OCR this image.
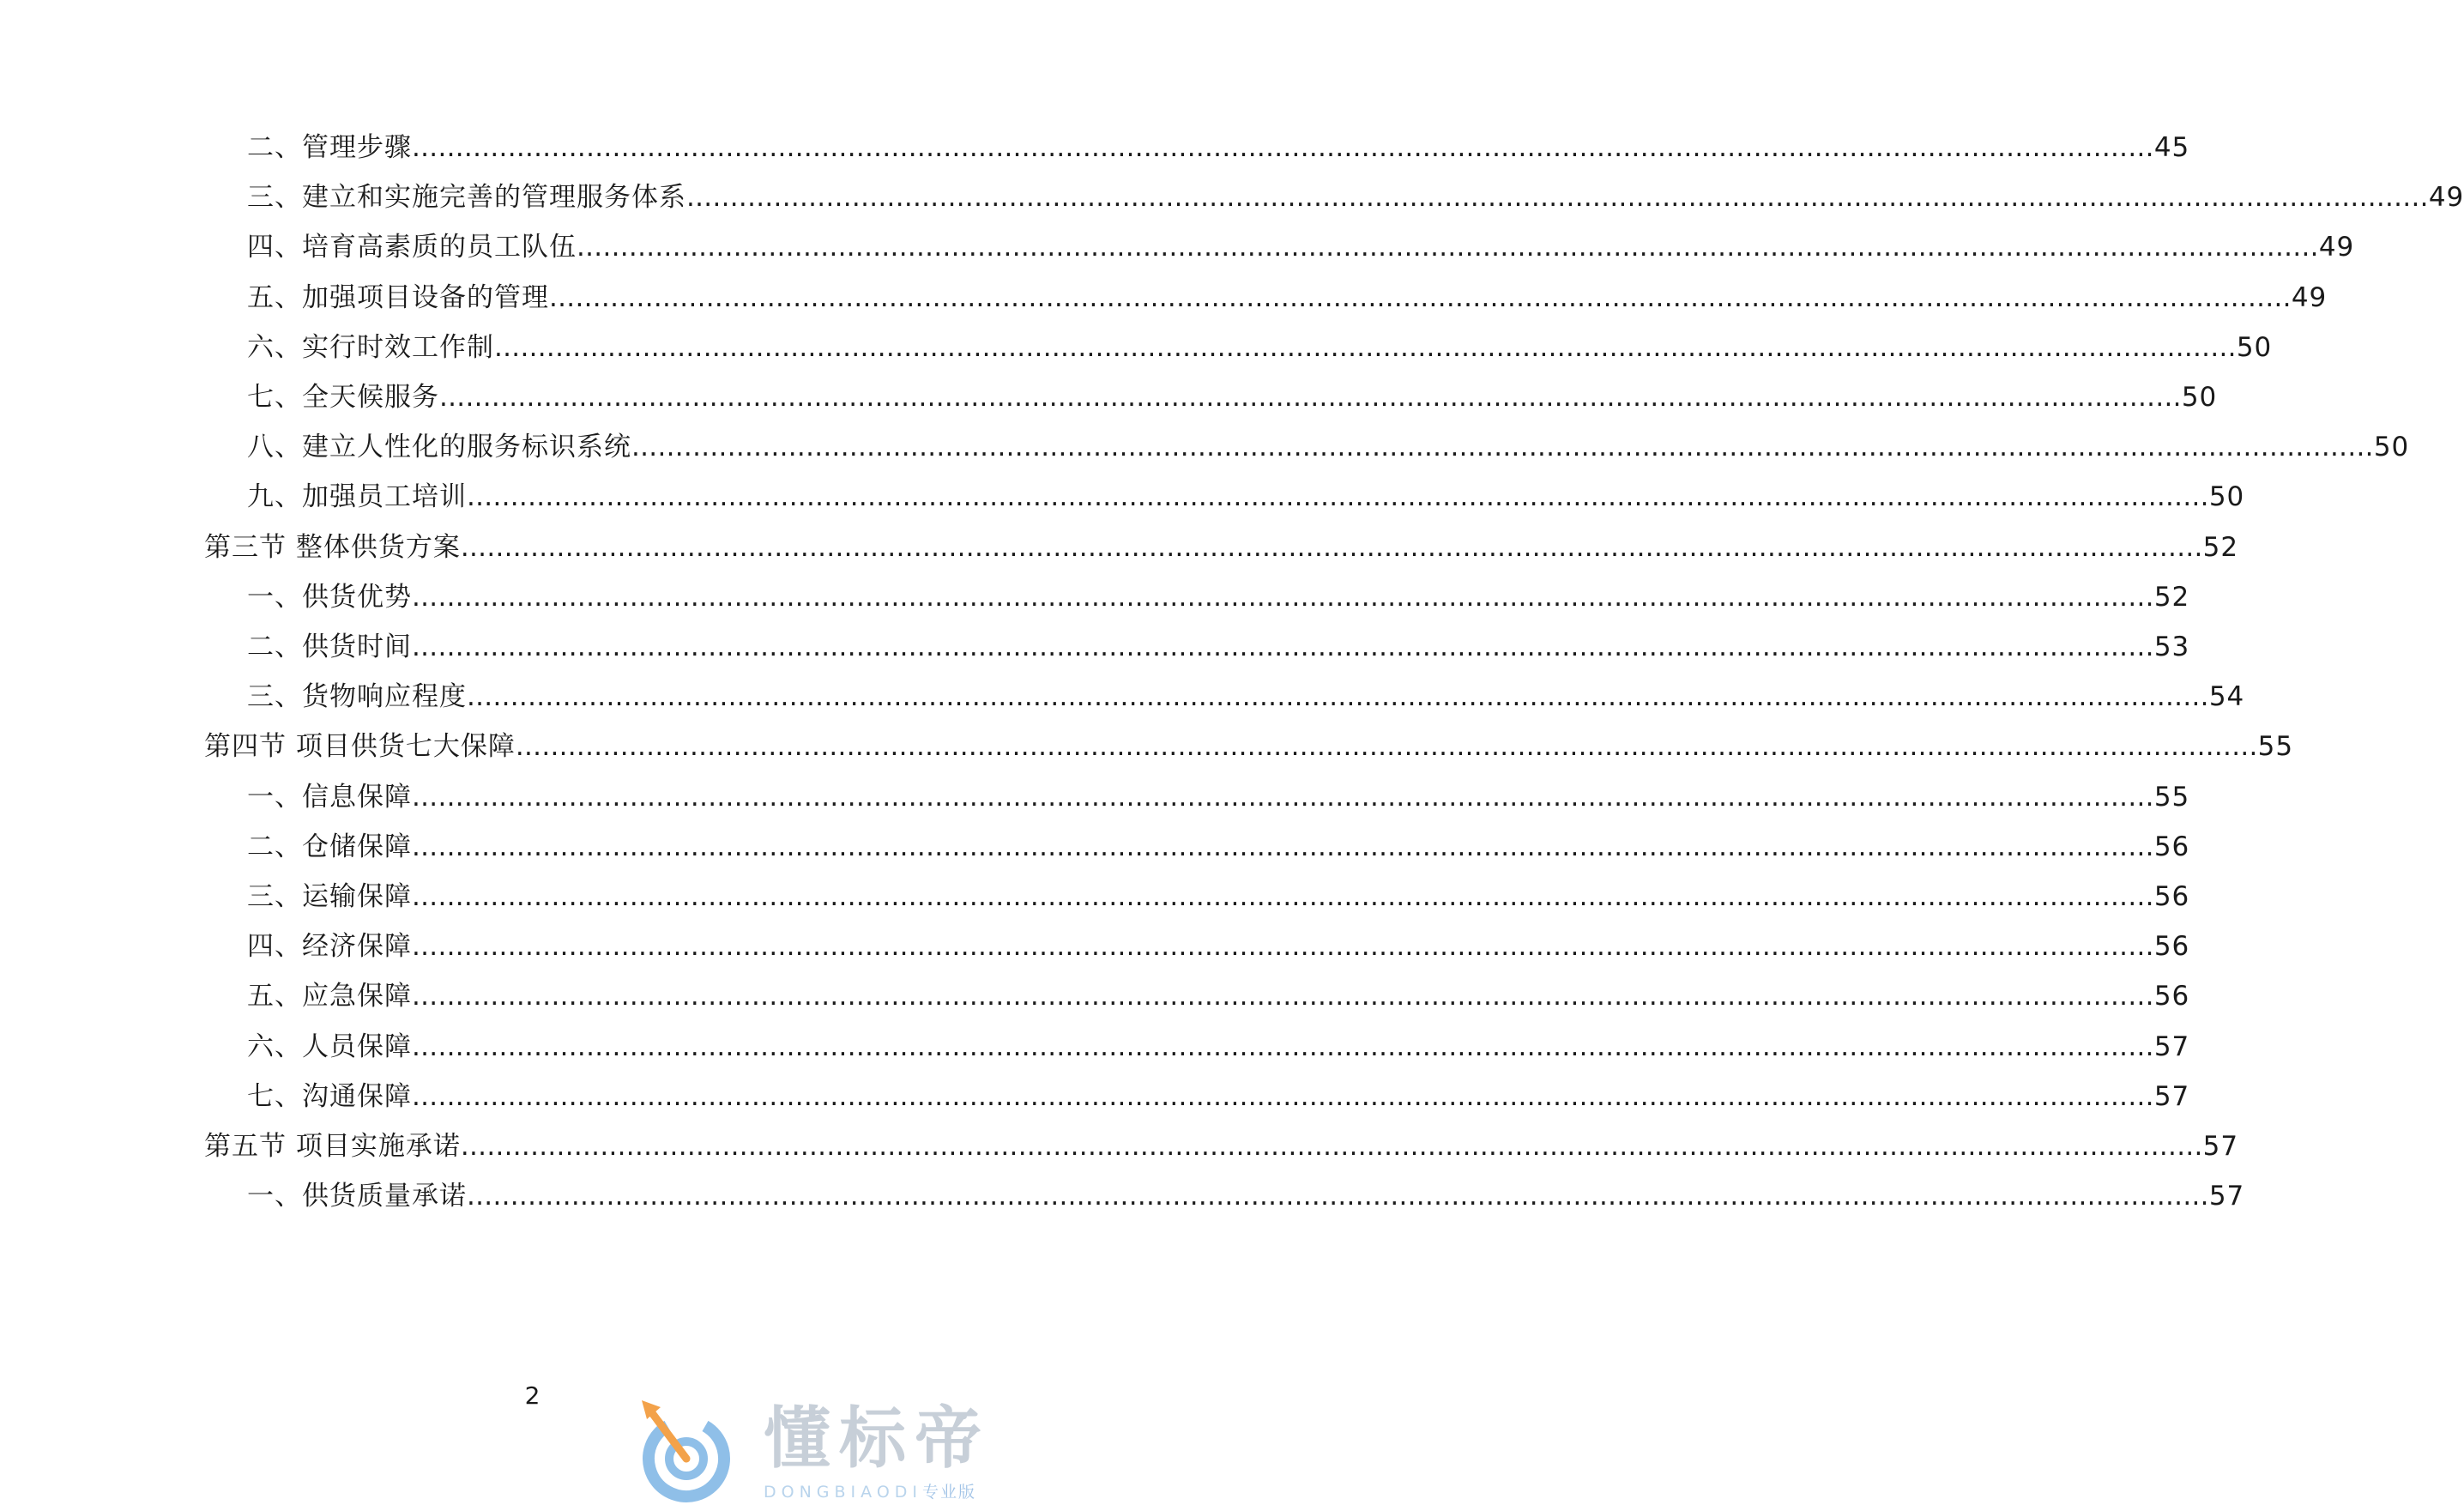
二、管理步骤 ........................................................................................................................................................................................................ 45
三、建立和实施完善的管理服务体系 ........................................................................................................................................................................................................ 49
四、培育高素质的员工队伍 ........................................................................................................................................................................................................ 49
五、加强项目设备的管理 ........................................................................................................................................................................................................ 49
六、实行时效工作制 ........................................................................................................................................................................................................ 50
七、全天候服务 ........................................................................................................................................................................................................ 50
八、建立人性化的服务标识系统 ........................................................................................................................................................................................................ 50
九、加强员工培训 ........................................................................................................................................................................................................ 50
第三节 整体供货方案 ........................................................................................................................................................................................................ 52
一、供货优势 ........................................................................................................................................................................................................ 52
二、供货时间 ........................................................................................................................................................................................................ 53
三、货物响应程度 ........................................................................................................................................................................................................ 54
第四节 项目供货七大保障 ........................................................................................................................................................................................................ 55
一、信息保障 ........................................................................................................................................................................................................ 55
二、仓储保障 ........................................................................................................................................................................................................ 56
三、运输保障 ........................................................................................................................................................................................................ 56
四、经济保障 ........................................................................................................................................................................................................ 56
五、应急保障 ........................................................................................................................................................................................................ 56
六、人员保障 ........................................................................................................................................................................................................ 57
七、沟通保障 ........................................................................................................................................................................................................ 57
第五节 项目实施承诺 ........................................................................................................................................................................................................ 57
一、供货质量承诺 ........................................................................................................................................................................................................ 57
2
懂标帝
DONGBIAODI专业版
